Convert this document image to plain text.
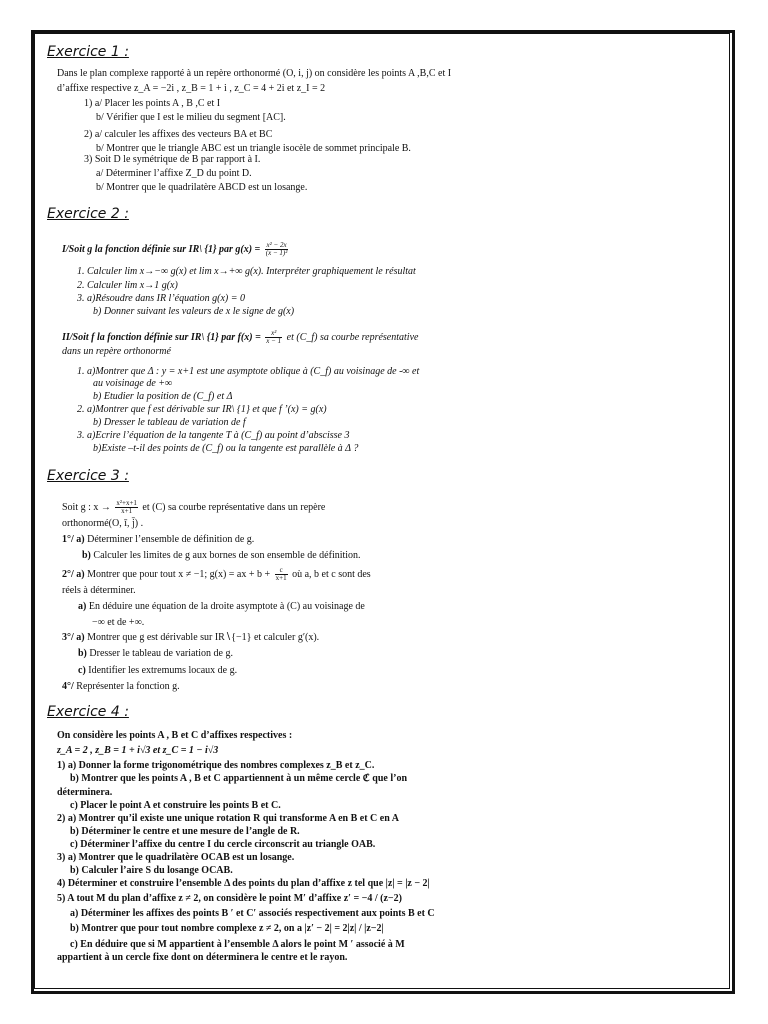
Exercice 1 :
Dans le plan complexe rapporté à un repère orthonormé (O, i, j) on considère les points A ,B,C et I
d’affixe respective z_A = −2i , z_B = 1 + i , z_C = 4 + 2i et z_I = 2
1) a/ Placer les points A , B ,C et I
b/ Vérifier que I est le milieu du segment [AC].
2) a/ calculer les affixes des vecteurs BA et BC
b/ Montrer que le triangle ABC est un triangle isocèle de sommet principale B.
3) Soit D le symétrique de B par rapport à I.
a/ Déterminer l’affixe Z_D du point D.
b/ Montrer que le quadrilatère ABCD est un losange.
Exercice 2 :
I/Soit g la fonction définie sur IR\ {1} par $g(x) = \frac{\text{x² − 2x}}{\text{(x − 1)²}}$
1. Calculer lim x→−∞ g(x) et lim x→+∞ g(x). Interpréter graphiquement le résultat
2. Calculer lim x→1 g(x)
3. a)Résoudre dans IR l’équation g(x) = 0
b) Donner suivant les valeurs de x le signe de g(x)
II/Soit f la fonction définie sur IR\ {1} par $f(x) = \frac{\text{x²}}{x - 1}$ et (C_f) sa courbe représentative
dans un repère orthonormé
1. a)Montrer que Δ : y = x+1 est une asymptote oblique à (C_f) au voisinage de -∞ et
au voisinage de +∞
b) Etudier la position de (C_f) et Δ
2. a)Montrer que f est dérivable sur IR\ {1} et que f ’(x) = g(x)
b) Dresser le tableau de variation de f
3. a)Ecrire l’équation de la tangente T à (C_f) au point d’abscisse 3
b)Existe –t-il des points de (C_f) ou la tangente est parallèle à Δ ?
Exercice 3 :
Soit g : $x \to \frac{\text{x²+x+1}}{x+1}$ et (C) sa courbe représentative dans un repère
orthonormé(O, ī, j̄) .
1°/ a) Déterminer l’ensemble de définition de g.
b) Calculer les limites de g aux bornes de son ensemble de définition.
2°/ a) Montrer que pour tout x ≠ −1; g(x) = ax + $b + \frac{c}{x+1}$ où a, b et c sont des
réels à déterminer.
a) En déduire une équation de la droite asymptote à (C) au voisinage de
−∞ et de +∞.
3°/ a) Montrer que g est dérivable sur IR∖{−1} et calculer g′(x).
b) Dresser le tableau de variation de g.
c) Identifier les extremums locaux de g.
4°/ Représenter la fonction g.
Exercice 4 :
On considère les points A , B et C d’affixes respectives :
z_A = 2 , z_B = 1 + i√3 et z_C = 1 − i√3
1) a) Donner la forme trigonométrique des nombres complexes z_B et z_C.
b) Montrer que les points A , B et C appartiennent à un même cercle ℭ que l’on
déterminera.
c) Placer le point A et construire les points B et C.
2) a) Montrer qu’il existe une unique rotation R qui transforme A en B et C en A
b) Déterminer le centre et une mesure de l’angle de R.
c) Déterminer l’affixe du centre I du cercle circonscrit au triangle OAB.
3) a) Montrer que le quadrilatère OCAB est un losange.
b) Calculer l’aire S du losange OCAB.
4) Déterminer et construire l’ensemble Δ des points du plan d’affixe z tel que |z| = |z − 2|
5) A tout M du plan d’affixe z ≠ 2, on considère le point M′ d’affixe z′ = −4 / (z−2)
a) Déterminer les affixes des points B ′ et C′ associés respectivement aux points B et C
b) Montrer que pour tout nombre complexe z ≠ 2, on a |z′ − 2| = 2|z| / |z−2|
c) En déduire que si M appartient à l’ensemble Δ alors le point M ′ associé à M
appartient à un cercle fixe dont on déterminera le centre et le rayon.
